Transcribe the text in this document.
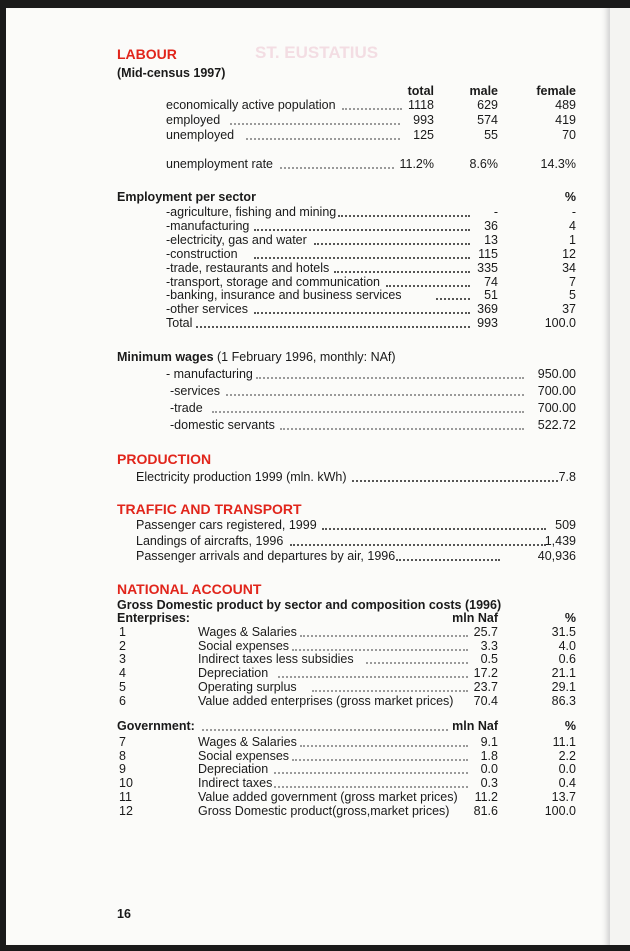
ST. EUSTATIUS
LABOUR
(Mid-census 1997)
total	male	female
economically active population	1118	629	489
employed	993	574	419
unemployed	125	55	70
unemployment rate	11.2%	8.6%	14.3%
Employment per sector	%
-agriculture, fishing and mining	-	-
-manufacturing	36	4
-electricity, gas and water	13	1
-construction	115	12
-trade, restaurants and hotels	335	34
-transport, storage and communication	74	7
-banking, insurance and business services	51	5
-other services	369	37
Total	993	100.0
Minimum wages (1 February 1996, monthly: NAf)
- manufacturing	950.00
-services	700.00
-trade	700.00
-domestic servants	522.72
PRODUCTION
Electricity production 1999 (mln. kWh)	7.8
TRAFFIC AND TRANSPORT
Passenger cars registered, 1999	509
Landings of aircrafts, 1996	1,439
Passenger arrivals and departures by air, 1996	40,936
NATIONAL ACCOUNT
Gross Domestic product by sector and composition costs (1996)
Enterprises:	mln Naf	%
1	Wages & Salaries	25.7	31.5
2	Social expenses	3.3	4.0
3	Indirect taxes less subsidies	0.5	0.6
4	Depreciation	17.2	21.1
5	Operating surplus	23.7	29.1
6	Value added enterprises (gross market prices)	70.4	86.3
Government:	mln Naf	%
7	Wages & Salaries	9.1	11.1
8	Social expenses	1.8	2.2
9	Depreciation	0.0	0.0
10	Indirect taxes	0.3	0.4
11	Value added government (gross market prices)	11.2	13.7
12	Gross Domestic product(gross,market prices)	81.6	100.0
16
